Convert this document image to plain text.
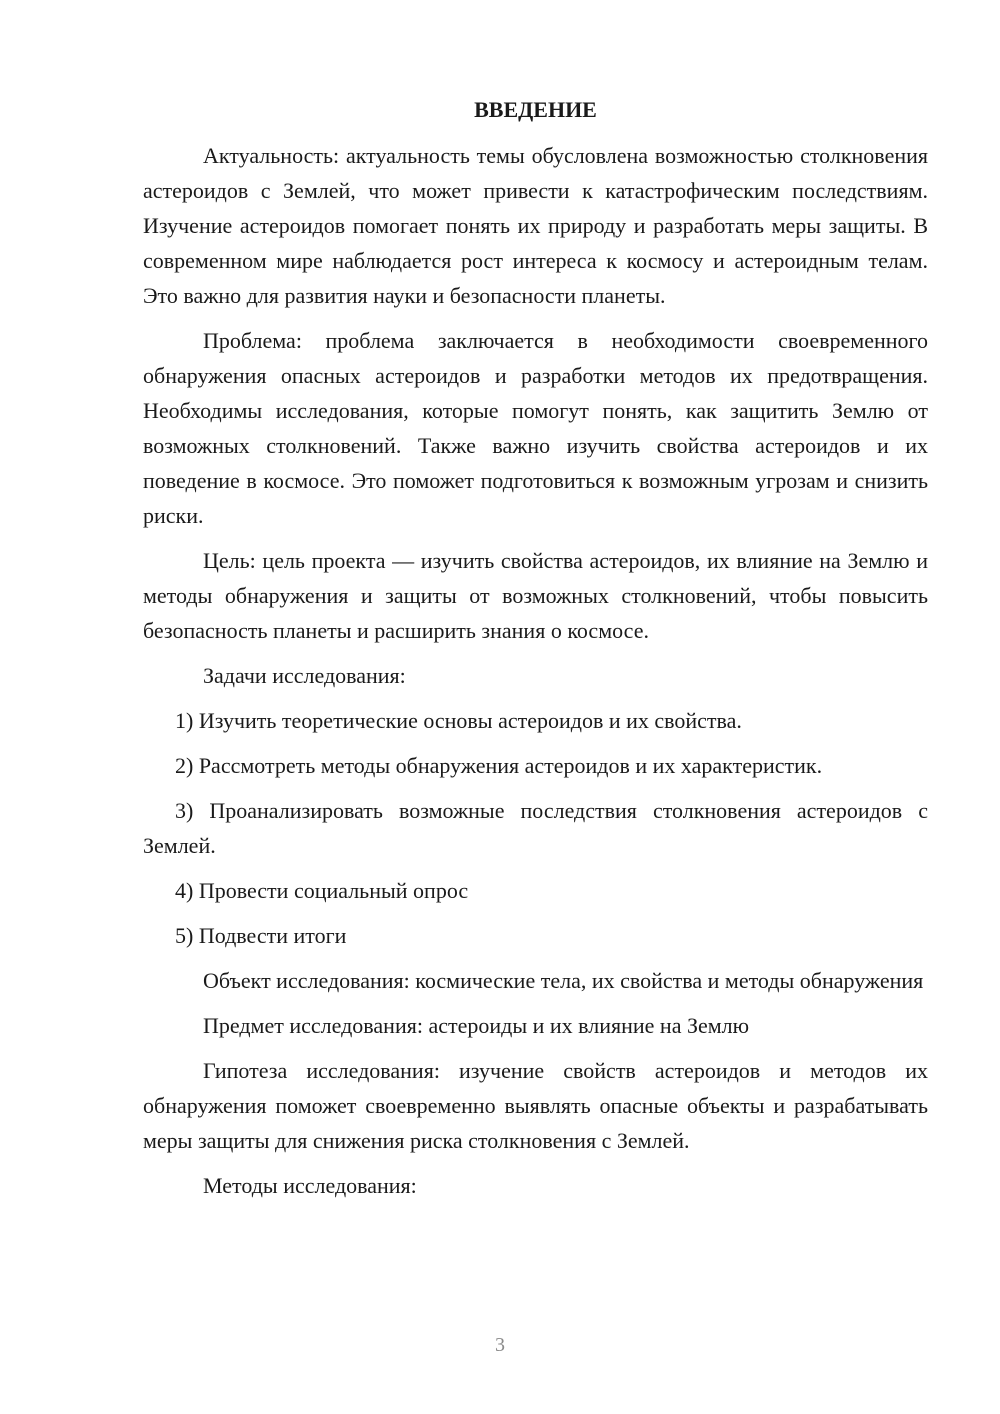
ВВЕДЕНИЕ

Актуальность: актуальность темы обусловлена возможностью столкновения астероидов с Землей, что может привести к катастрофическим последствиям. Изучение астероидов помогает понять их природу и разработать меры защиты. В современном мире наблюдается рост интереса к космосу и астероидным телам. Это важно для развития науки и безопасности планеты.

Проблема: проблема заключается в необходимости своевременного обнаружения опасных астероидов и разработки методов их предотвращения. Необходимы исследования, которые помогут понять, как защитить Землю от возможных столкновений. Также важно изучить свойства астероидов и их поведение в космосе. Это поможет подготовиться к возможным угрозам и снизить риски.

Цель: цель проекта — изучить свойства астероидов, их влияние на Землю и методы обнаружения и защиты от возможных столкновений, чтобы повысить безопасность планеты и расширить знания о космосе.

Задачи исследования:

1) Изучить теоретические основы астероидов и их свойства.

2) Рассмотреть методы обнаружения астероидов и их характеристик.

3) Проанализировать возможные последствия столкновения астероидов с Землей.

4) Провести социальный опрос

5) Подвести итоги

Объект исследования: космические тела, их свойства и методы обнаружения

Предмет исследования: астероиды и их влияние на Землю

Гипотеза исследования: изучение свойств астероидов и методов их обнаружения поможет своевременно выявлять опасные объекты и разрабатывать меры защиты для снижения риска столкновения с Землей.

Методы исследования:

3
